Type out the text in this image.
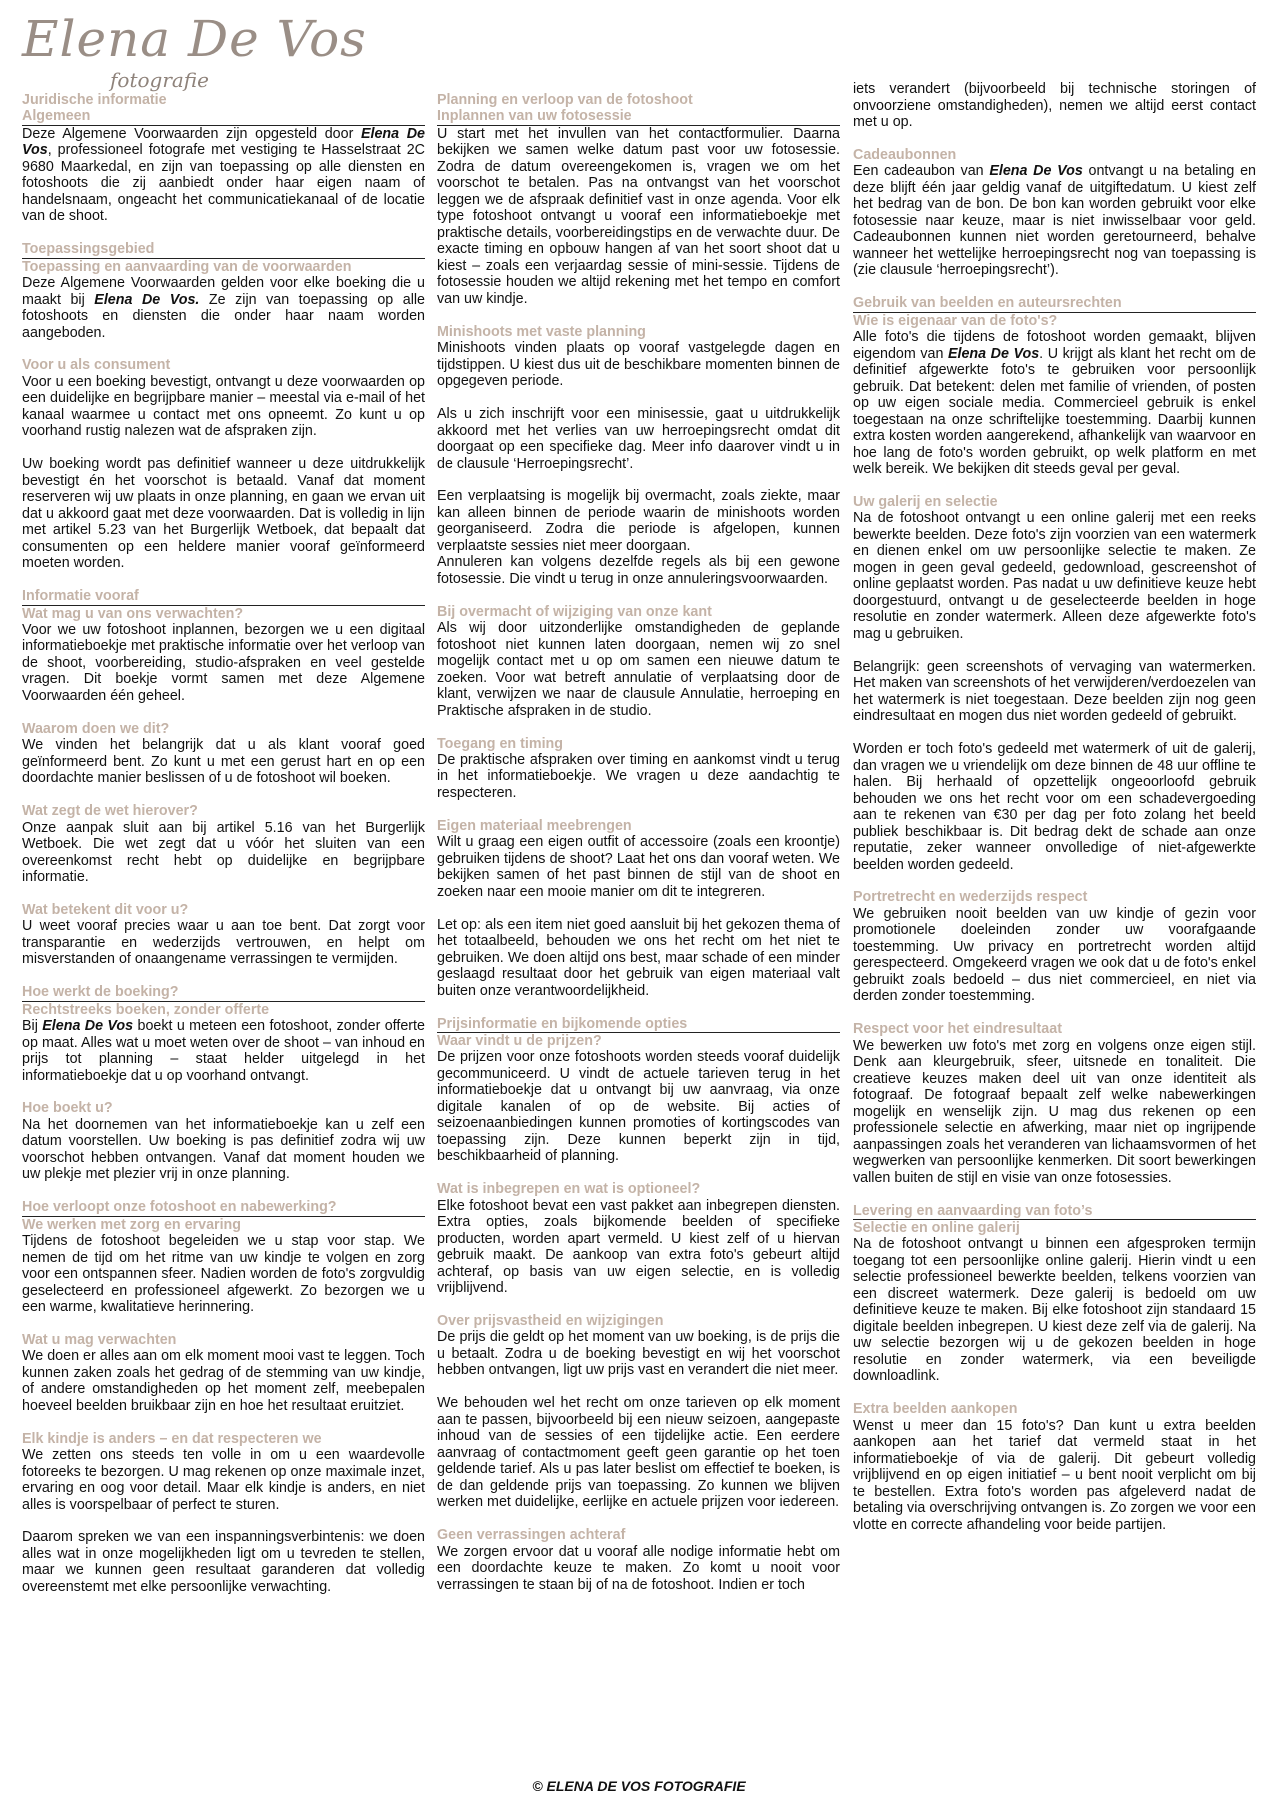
Elena De Vos
fotografie
Juridische informatie
Algemeen

Deze Algemene Voorwaarden zijn opgesteld door Elena De Vos, professioneel fotografe met vestiging te Hasselstraat 2C 9680 Maarkedal, en zijn van toepassing op alle diensten en fotoshoots die zij aanbiedt onder haar eigen naam of handelsnaam, ongeacht het communicatiekanaal of de locatie van de shoot.

Toepassingsgebied
Toepassing en aanvaarding van de voorwaarden

Deze Algemene Voorwaarden gelden voor elke boeking die u maakt bij Elena De Vos. Ze zijn van toepassing op alle fotoshoots en diensten die onder haar naam worden aangeboden.

Voor u als consument

Voor u een boeking bevestigt, ontvangt u deze voorwaarden op een duidelijke en begrijpbare manier – meestal via e-mail of het kanaal waarmee u contact met ons opneemt. Zo kunt u op voorhand rustig nalezen wat de afspraken zijn.

Uw boeking wordt pas definitief wanneer u deze uitdrukkelijk bevestigt én het voorschot is betaald. Vanaf dat moment reserveren wij uw plaats in onze planning, en gaan we ervan uit dat u akkoord gaat met deze voorwaarden. Dat is volledig in lijn met artikel 5.23 van het Burgerlijk Wetboek, dat bepaalt dat consumenten op een heldere manier vooraf geïnformeerd moeten worden.

Informatie vooraf
Wat mag u van ons verwachten?

Voor we uw fotoshoot inplannen, bezorgen we u een digitaal informatieboekje met praktische informatie over het verloop van de shoot, voorbereiding, studio-afspraken en veel gestelde vragen. Dit boekje vormt samen met deze Algemene Voorwaarden één geheel.

Waarom doen we dit?

We vinden het belangrijk dat u als klant vooraf goed geïnformeerd bent. Zo kunt u met een gerust hart en op een doordachte manier beslissen of u de fotoshoot wil boeken.

Wat zegt de wet hierover?

Onze aanpak sluit aan bij artikel 5.16 van het Burgerlijk Wetboek. Die wet zegt dat u vóór het sluiten van een overeenkomst recht hebt op duidelijke en begrijpbare informatie.

Wat betekent dit voor u?

U weet vooraf precies waar u aan toe bent. Dat zorgt voor transparantie en wederzijds vertrouwen, en helpt om misverstanden of onaangename verrassingen te vermijden.

Hoe werkt de boeking?
Rechtstreeks boeken, zonder offerte

Bij Elena De Vos boekt u meteen een fotoshoot, zonder offerte op maat. Alles wat u moet weten over de shoot – van inhoud en prijs tot planning – staat helder uitgelegd in het informatieboekje dat u op voorhand ontvangt.

Hoe boekt u?

Na het doornemen van het informatieboekje kan u zelf een datum voorstellen. Uw boeking is pas definitief zodra wij uw voorschot hebben ontvangen. Vanaf dat moment houden we uw plekje met plezier vrij in onze planning.

Hoe verloopt onze fotoshoot en nabewerking?
We werken met zorg en ervaring

Tijdens de fotoshoot begeleiden we u stap voor stap. We nemen de tijd om het ritme van uw kindje te volgen en zorg voor een ontspannen sfeer. Nadien worden de foto's zorgvuldig geselecteerd en professioneel afgewerkt. Zo bezorgen we u een warme, kwalitatieve herinnering.

Wat u mag verwachten

We doen er alles aan om elk moment mooi vast te leggen. Toch kunnen zaken zoals het gedrag of de stemming van uw kindje, of andere omstandigheden op het moment zelf, meebepalen hoeveel beelden bruikbaar zijn en hoe het resultaat eruitziet.

Elk kindje is anders – en dat respecteren we

We zetten ons steeds ten volle in om u een waardevolle fotoreeks te bezorgen. U mag rekenen op onze maximale inzet, ervaring en oog voor detail. Maar elk kindje is anders, en niet alles is voorspelbaar of perfect te sturen.

Daarom spreken we van een inspanningsverbintenis: we doen alles wat in onze mogelijkheden ligt om u tevreden te stellen, maar we kunnen geen resultaat garanderen dat volledig overeenstemt met elke persoonlijke verwachting.

Planning en verloop van de fotoshoot
Inplannen van uw fotosessie

U start met het invullen van het contactformulier. Daarna bekijken we samen welke datum past voor uw fotosessie. Zodra de datum overeengekomen is, vragen we om het voorschot te betalen. Pas na ontvangst van het voorschot leggen we de afspraak definitief vast in onze agenda. Voor elk type fotoshoot ontvangt u vooraf een informatieboekje met praktische details, voorbereidingstips en de verwachte duur. De exacte timing en opbouw hangen af van het soort shoot dat u kiest – zoals een verjaardag sessie of mini-sessie. Tijdens de fotosessie houden we altijd rekening met het tempo en comfort van uw kindje.

Minishoots met vaste planning

Minishoots vinden plaats op vooraf vastgelegde dagen en tijdstippen. U kiest dus uit de beschikbare momenten binnen de opgegeven periode.

Als u zich inschrijft voor een minisessie, gaat u uitdrukkelijk akkoord met het verlies van uw herroepingsrecht omdat dit doorgaat op een specifieke dag. Meer info daarover vindt u in de clausule ‘Herroepingsrecht’.

Een verplaatsing is mogelijk bij overmacht, zoals ziekte, maar kan alleen binnen de periode waarin de minishoots worden georganiseerd. Zodra die periode is afgelopen, kunnen verplaatste sessies niet meer doorgaan.

Annuleren kan volgens dezelfde regels als bij een gewone fotosessie. Die vindt u terug in onze annuleringsvoorwaarden.

Bij overmacht of wijziging van onze kant

Als wij door uitzonderlijke omstandigheden de geplande fotoshoot niet kunnen laten doorgaan, nemen wij zo snel mogelijk contact met u op om samen een nieuwe datum te zoeken. Voor wat betreft annulatie of verplaatsing door de klant, verwijzen we naar de clausule Annulatie, herroeping en Praktische afspraken in de studio.

Toegang en timing

De praktische afspraken over timing en aankomst vindt u terug in het informatieboekje. We vragen u deze aandachtig te respecteren.

Eigen materiaal meebrengen

Wilt u graag een eigen outfit of accessoire (zoals een kroontje) gebruiken tijdens de shoot? Laat het ons dan vooraf weten. We bekijken samen of het past binnen de stijl van de shoot en zoeken naar een mooie manier om dit te integreren.

Let op: als een item niet goed aansluit bij het gekozen thema of het totaalbeeld, behouden we ons het recht om het niet te gebruiken. We doen altijd ons best, maar schade of een minder geslaagd resultaat door het gebruik van eigen materiaal valt buiten onze verantwoordelijkheid.

Prijsinformatie en bijkomende opties
Waar vindt u de prijzen?

De prijzen voor onze fotoshoots worden steeds vooraf duidelijk gecommuniceerd. U vindt de actuele tarieven terug in het informatieboekje dat u ontvangt bij uw aanvraag, via onze digitale kanalen of op de website. Bij acties of seizoenaanbiedingen kunnen promoties of kortingscodes van toepassing zijn. Deze kunnen beperkt zijn in tijd, beschikbaarheid of planning.

Wat is inbegrepen en wat is optioneel?

Elke fotoshoot bevat een vast pakket aan inbegrepen diensten. Extra opties, zoals bijkomende beelden of specifieke producten, worden apart vermeld. U kiest zelf of u hiervan gebruik maakt. De aankoop van extra foto's gebeurt altijd achteraf, op basis van uw eigen selectie, en is volledig vrijblijvend.

Over prijsvastheid en wijzigingen

De prijs die geldt op het moment van uw boeking, is de prijs die u betaalt. Zodra u de boeking bevestigt en wij het voorschot hebben ontvangen, ligt uw prijs vast en verandert die niet meer.

We behouden wel het recht om onze tarieven op elk moment aan te passen, bijvoorbeeld bij een nieuw seizoen, aangepaste inhoud van de sessies of een tijdelijke actie. Een eerdere aanvraag of contactmoment geeft geen garantie op het toen geldende tarief. Als u pas later beslist om effectief te boeken, is de dan geldende prijs van toepassing. Zo kunnen we blijven werken met duidelijke, eerlijke en actuele prijzen voor iedereen.

Geen verrassingen achteraf

We zorgen ervoor dat u vooraf alle nodige informatie hebt om een doordachte keuze te maken. Zo komt u nooit voor verrassingen te staan bij of na de fotoshoot. Indien er toch

iets verandert (bijvoorbeeld bij technische storingen of onvoorziene omstandigheden), nemen we altijd eerst contact met u op.

Cadeaubonnen

Een cadeaubon van Elena De Vos ontvangt u na betaling en deze blijft één jaar geldig vanaf de uitgiftedatum. U kiest zelf het bedrag van de bon. De bon kan worden gebruikt voor elke fotosessie naar keuze, maar is niet inwisselbaar voor geld. Cadeaubonnen kunnen niet worden geretourneerd, behalve wanneer het wettelijke herroepingsrecht nog van toepassing is (zie clausule ‘herroepingsrecht’).

Gebruik van beelden en auteursrechten
Wie is eigenaar van de foto's?

Alle foto's die tijdens de fotoshoot worden gemaakt, blijven eigendom van Elena De Vos. U krijgt als klant het recht om de definitief afgewerkte foto's te gebruiken voor persoonlijk gebruik. Dat betekent: delen met familie of vrienden, of posten op uw eigen sociale media. Commercieel gebruik is enkel toegestaan na onze schriftelijke toestemming. Daarbij kunnen extra kosten worden aangerekend, afhankelijk van waarvoor en hoe lang de foto's worden gebruikt, op welk platform en met welk bereik. We bekijken dit steeds geval per geval.

Uw galerij en selectie

Na de fotoshoot ontvangt u een online galerij met een reeks bewerkte beelden. Deze foto's zijn voorzien van een watermerk en dienen enkel om uw persoonlijke selectie te maken. Ze mogen in geen geval gedeeld, gedownload, gescreenshot of online geplaatst worden. Pas nadat u uw definitieve keuze hebt doorgestuurd, ontvangt u de geselecteerde beelden in hoge resolutie en zonder watermerk. Alleen deze afgewerkte foto's mag u gebruiken.

Belangrijk: geen screenshots of vervaging van watermerken. Het maken van screenshots of het verwijderen/verdoezelen van het watermerk is niet toegestaan. Deze beelden zijn nog geen eindresultaat en mogen dus niet worden gedeeld of gebruikt.

Worden er toch foto's gedeeld met watermerk of uit de galerij, dan vragen we u vriendelijk om deze binnen de 48 uur offline te halen. Bij herhaald of opzettelijk ongeoorloofd gebruik behouden we ons het recht voor om een schadevergoeding aan te rekenen van €30 per dag per foto zolang het beeld publiek beschikbaar is. Dit bedrag dekt de schade aan onze reputatie, zeker wanneer onvolledige of niet-afgewerkte beelden worden gedeeld.

Portretrecht en wederzijds respect

We gebruiken nooit beelden van uw kindje of gezin voor promotionele doeleinden zonder uw voorafgaande toestemming. Uw privacy en portretrecht worden altijd gerespecteerd. Omgekeerd vragen we ook dat u de foto's enkel gebruikt zoals bedoeld – dus niet commercieel, en niet via derden zonder toestemming.

Respect voor het eindresultaat

We bewerken uw foto's met zorg en volgens onze eigen stijl. Denk aan kleurgebruik, sfeer, uitsnede en tonaliteit. Die creatieve keuzes maken deel uit van onze identiteit als fotograaf. De fotograaf bepaalt zelf welke nabewerkingen mogelijk en wenselijk zijn. U mag dus rekenen op een professionele selectie en afwerking, maar niet op ingrijpende aanpassingen zoals het veranderen van lichaamsvormen of het wegwerken van persoonlijke kenmerken. Dit soort bewerkingen vallen buiten de stijl en visie van onze fotosessies.

Levering en aanvaarding van foto’s
Selectie en online galerij

Na de fotoshoot ontvangt u binnen een afgesproken termijn toegang tot een persoonlijke online galerij. Hierin vindt u een selectie professioneel bewerkte beelden, telkens voorzien van een discreet watermerk. Deze galerij is bedoeld om uw definitieve keuze te maken. Bij elke fotoshoot zijn standaard 15 digitale beelden inbegrepen. U kiest deze zelf via de galerij. Na uw selectie bezorgen wij u de gekozen beelden in hoge resolutie en zonder watermerk, via een beveiligde downloadlink.

Extra beelden aankopen

Wenst u meer dan 15 foto's? Dan kunt u extra beelden aankopen aan het tarief dat vermeld staat in het informatieboekje of via de galerij. Dit gebeurt volledig vrijblijvend en op eigen initiatief – u bent nooit verplicht om bij te bestellen. Extra foto's worden pas afgeleverd nadat de betaling via overschrijving ontvangen is. Zo zorgen we voor een vlotte en correcte afhandeling voor beide partijen.

© ELENA DE VOS FOTOGRAFIE
